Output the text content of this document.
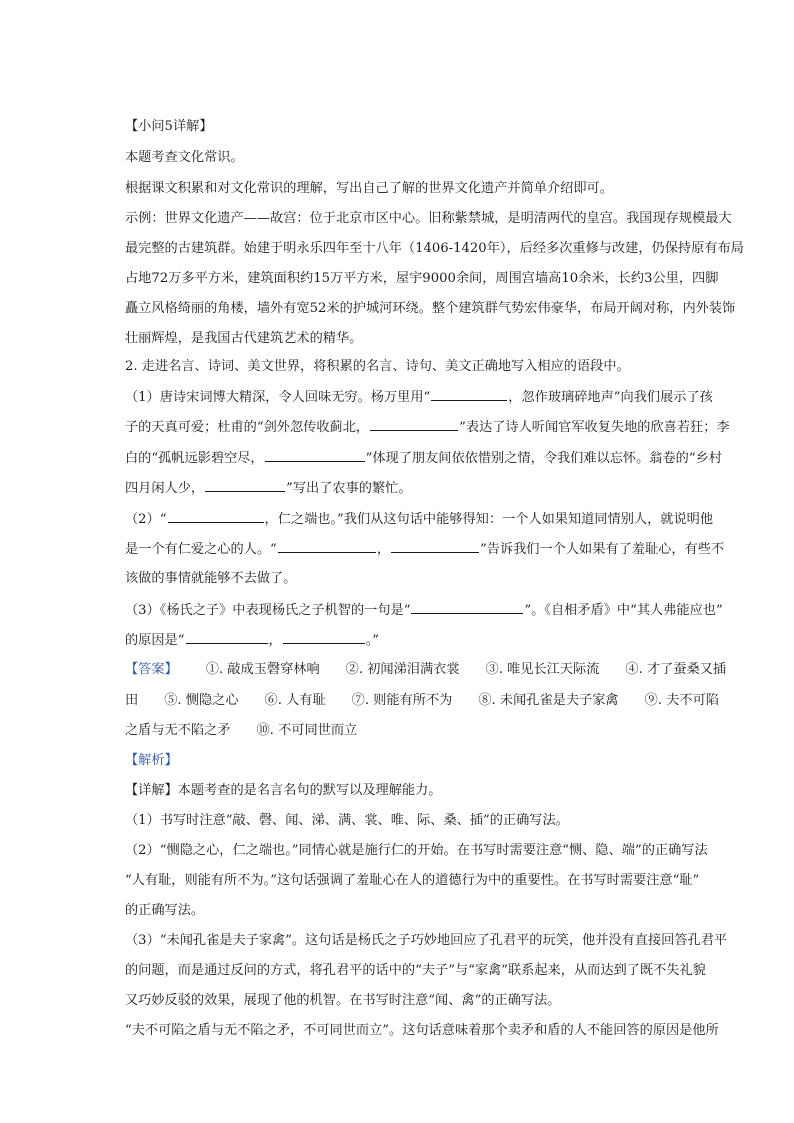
【小问5详解】
本题考查文化常识。
根据课文积累和对文化常识的理解，写出自己了解的世界文化遗产并简单介绍即可。
示例：世界文化遗产——故宫：位于北京市区中心。旧称紫禁城，是明清两代的皇宫。我国现存规模最大
最完整的古建筑群。始建于明永乐四年至十八年（1406-1420年），后经多次重修与改建，仍保持原有布局
占地72万多平方米，建筑面积约15万平方米，屋宇9000余间，周围宫墙高10余米，长约3公里，四脚
矗立风格绮丽的角楼，墙外有宽52米的护城河环绕。整个建筑群气势宏伟豪华，布局开阔对称，内外装饰
壮丽辉煌，是我国古代建筑艺术的精华。
2. 走进名言、诗词、美文世界，将积累的名言、诗句、美文正确地写入相应的语段中。
（1）唐诗宋词博大精深，令人回味无穷。杨万里用“	，忽作玻璃碎地声”向我们展示了孩
子的天真可爱；杜甫的“剑外忽传收蓟北，	”表达了诗人听闻官军收复失地的欣喜若狂；李
白的“孤帆远影碧空尽，	”体现了朋友间依依惜别之情，令我们难以忘怀。翁卷的“乡村
四月闲人少，	”写出了农事的繁忙。
（2）“	，仁之端也。”我们从这句话中能够得知：一个人如果知道同情别人，就说明他
是一个有仁爱之心的人。“	，	”告诉我们一个人如果有了羞耻心，有些不
该做的事情就能够不去做了。
（3）《杨氏之子》中表现杨氏之子机智的一句是“	”。《自相矛盾》中“其人弗能应也”
的原因是“	，	。”
【答案】 ①. 敲成玉磬穿林响 ②. 初闻涕泪满衣裳 ③. 唯见长江天际流 ④. 才了蚕桑又插
田 ⑤. 恻隐之心 ⑥. 人有耻 ⑦. 则能有所不为 ⑧. 未闻孔雀是夫子家禽 ⑨. 夫不可陷
之盾与无不陷之矛 ⑩. 不可同世而立
【解析】
【详解】本题考查的是名言名句的默写以及理解能力。
（1）书写时注意“敲、磬、闻、涕、满、裳、唯、际、桑、插”的正确写法。
（2）“恻隐之心，仁之端也。”同情心就是施行仁的开始。在书写时需要注意“恻、隐、端”的正确写法
“人有耻，则能有所不为。”这句话强调了羞耻心在人的道德行为中的重要性。在书写时需要注意“耻”
的正确写法。
（3）“未闻孔雀是夫子家禽”。这句话是杨氏之子巧妙地回应了孔君平的玩笑，他并没有直接回答孔君平
的问题，而是通过反问的方式，将孔君平的话中的“夫子”与“家禽”联系起来，从而达到了既不失礼貌
又巧妙反驳的效果，展现了他的机智。在书写时注意“闻、禽”的正确写法。
“夫不可陷之盾与无不陷之矛，不可同世而立”。这句话意味着那个卖矛和盾的人不能回答的原因是他所
